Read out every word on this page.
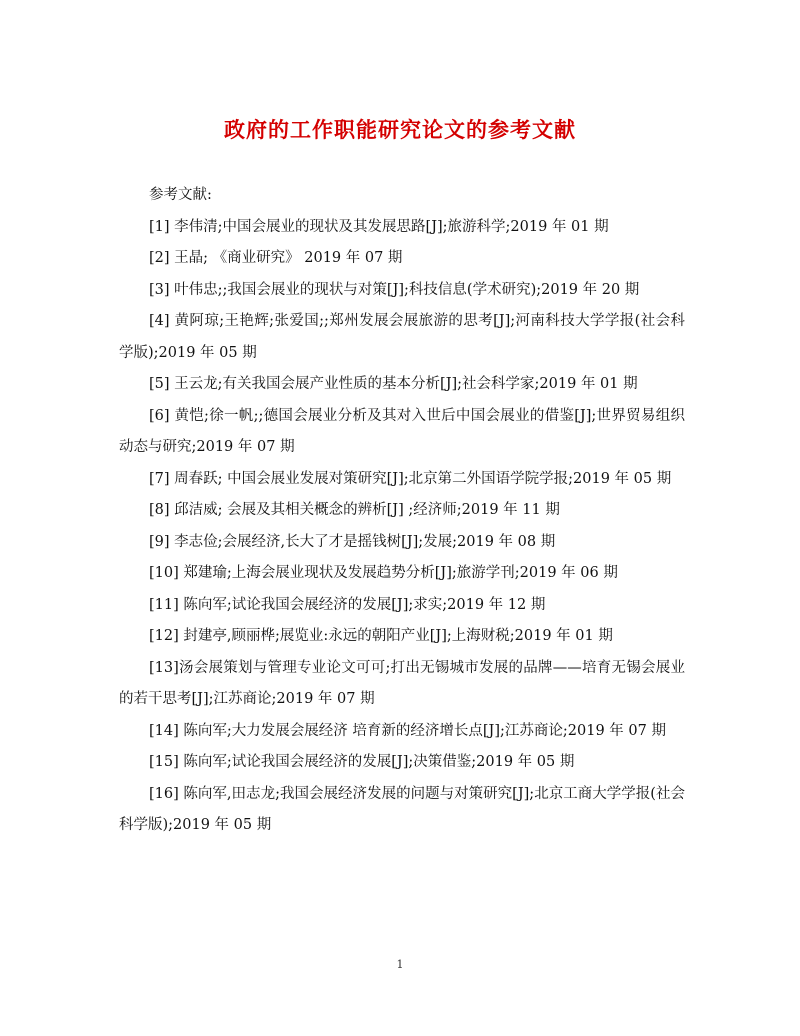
政府的工作职能研究论文的参考文献

参考文献:

[1] 李伟清;中国会展业的现状及其发展思路[J];旅游科学;2019 年 01 期

[2] 王晶; 《商业研究》 2019 年 07 期

[3] 叶伟忠;;我国会展业的现状与对策[J];科技信息(学术研究);2019 年 20 期

[4] 黄阿琼;王艳辉;张爱国;;郑州发展会展旅游的思考[J];河南科技大学学报(社会科学版);2019 年 05 期

[5] 王云龙;有关我国会展产业性质的基本分析[J];社会科学家;2019 年 01 期

[6] 黄恺;徐一帆;;德国会展业分析及其对入世后中国会展业的借鉴[J];世界贸易组织动态与研究;2019 年 07 期

[7] 周春跃; 中国会展业发展对策研究[J];北京第二外国语学院学报;2019 年 05 期

[8] 邱洁威; 会展及其相关概念的辨析[J] ;经济师;2019 年 11 期

[9] 李志俭;会展经济,长大了才是摇钱树[J];发展;2019 年 08 期

[10] 郑建瑜;上海会展业现状及发展趋势分析[J];旅游学刊;2019 年 06 期

[11] 陈向军;试论我国会展经济的发展[J];求实;2019 年 12 期

[12] 封建亭,顾丽桦;展览业:永远的朝阳产业[J];上海财税;2019 年 01 期

[13]汤会展策划与管理专业论文可可;打出无锡城市发展的品牌——培育无锡会展业的若干思考[J];江苏商论;2019 年 07 期

[14] 陈向军;大力发展会展经济 培育新的经济增长点[J];江苏商论;2019 年 07 期

[15] 陈向军;试论我国会展经济的发展[J];决策借鉴;2019 年 05 期

[16] 陈向军,田志龙;我国会展经济发展的问题与对策研究[J];北京工商大学学报(社会科学版);2019 年 05 期

1
